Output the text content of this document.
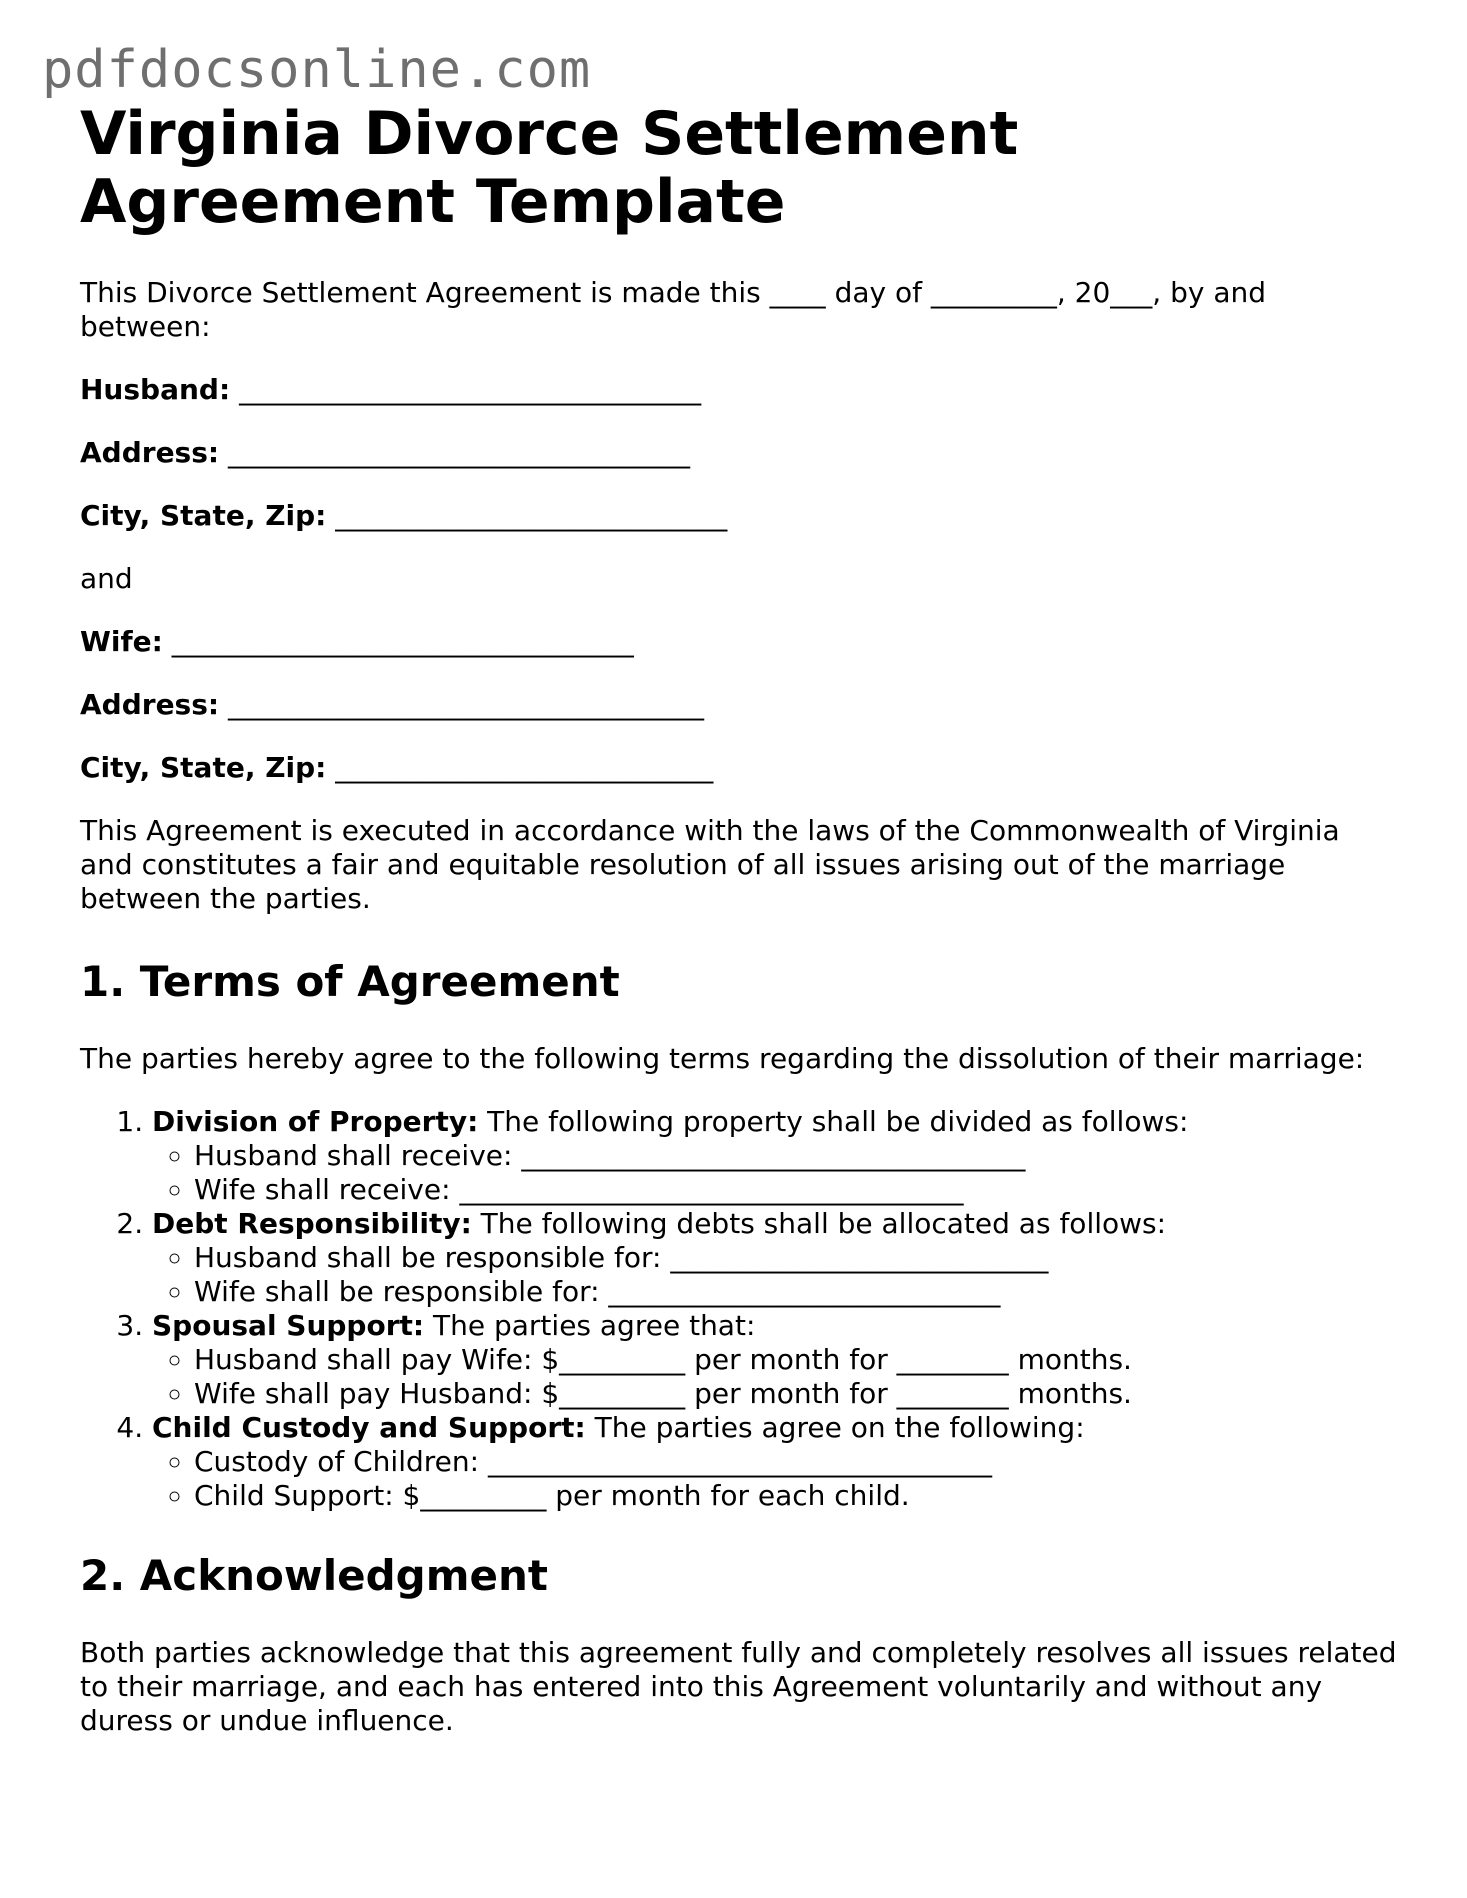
pdfdocsonline.com
Virginia Divorce Settlement Agreement Template

This Divorce Settlement Agreement is made this ____ day of _________, 20___, by and between:

Husband: _________________________________

Address: _________________________________

City, State, Zip: ____________________________

and

Wife: _________________________________

Address: __________________________________

City, State, Zip: ___________________________

This Agreement is executed in accordance with the laws of the Commonwealth of Virginia and constitutes a fair and equitable resolution of all issues arising out of the marriage between the parties.

1. Terms of Agreement

The parties hereby agree to the following terms regarding the dissolution of their marriage:

1. Division of Property: The following property shall be divided as follows:
◦ Husband shall receive: ____________________________________
◦ Wife shall receive: ____________________________________
2. Debt Responsibility: The following debts shall be allocated as follows:
◦ Husband shall be responsible for: ___________________________
◦ Wife shall be responsible for: ____________________________
3. Spousal Support: The parties agree that:
◦ Husband shall pay Wife: $_________ per month for ________ months.
◦ Wife shall pay Husband: $_________ per month for ________ months.
4. Child Custody and Support: The parties agree on the following:
◦ Custody of Children: ____________________________________
◦ Child Support: $_________ per month for each child.
2. Acknowledgment

Both parties acknowledge that this agreement fully and completely resolves all issues related to their marriage, and each has entered into this Agreement voluntarily and without any duress or undue influence.
